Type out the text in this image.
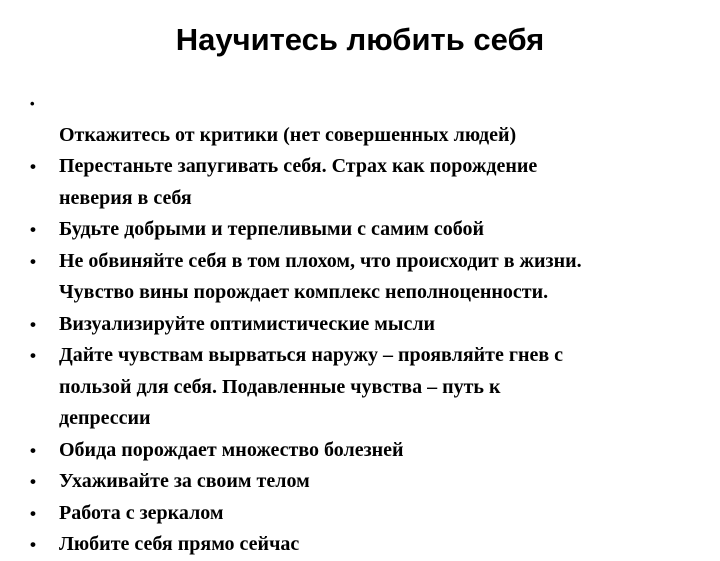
Научитесь любить себя
•
Откажитесь от критики (нет совершенных людей)
•	Перестаньте запугивать себя. Страх как порождение
неверия в себя
•	Будьте добрыми и терпеливыми с самим собой
•	Не обвиняйте себя в том плохом, что происходит в жизни.
Чувство вины порождает комплекс неполноценности.
•	Визуализируйте оптимистические мысли
•	Дайте чувствам вырваться наружу – проявляйте гнев с
пользой для себя. Подавленные чувства – путь к
депрессии
•	Обида порождает множество болезней
•	Ухаживайте за своим телом
•	Работа с зеркалом
•	Любите себя прямо сейчас
